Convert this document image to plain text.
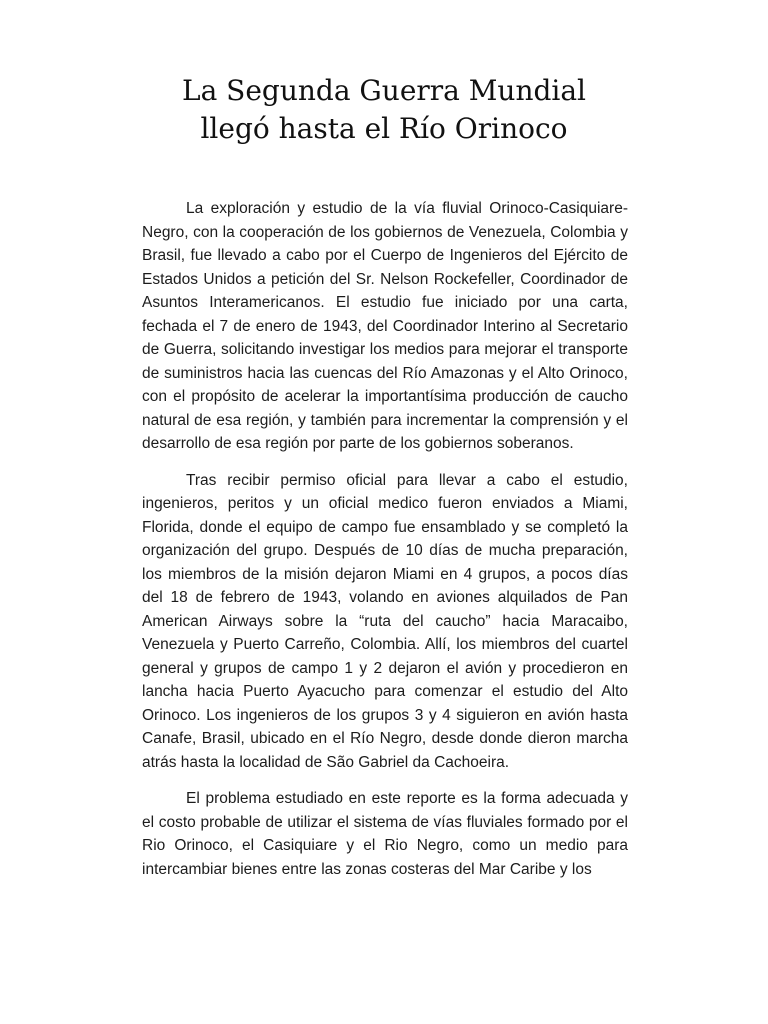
La Segunda Guerra Mundial
llegó hasta el Río Orinoco

La exploración y estudio de la vía fluvial Orinoco-Casiquiare-Negro, con la cooperación de los gobiernos de Venezuela, Colombia y Brasil, fue llevado a cabo por el Cuerpo de Ingenieros del Ejército de Estados Unidos a petición del Sr. Nelson Rockefeller, Coordinador de Asuntos Interamericanos. El estudio fue iniciado por una carta, fechada el 7 de enero de 1943, del Coordinador Interino al Secretario de Guerra, solicitando investigar los medios para mejorar el transporte de suministros hacia las cuencas del Río Amazonas y el Alto Orinoco, con el propósito de acelerar la importantísima producción de caucho natural de esa región, y también para incrementar la comprensión y el desarrollo de esa región por parte de los gobiernos soberanos.

Tras recibir permiso oficial para llevar a cabo el estudio, ingenieros, peritos y un oficial medico fueron enviados a Miami, Florida, donde el equipo de campo fue ensamblado y se completó la organización del grupo. Después de 10 días de mucha preparación, los miembros de la misión dejaron Miami en 4 grupos, a pocos días del 18 de febrero de 1943, volando en aviones alquilados de Pan American Airways sobre la “ruta del caucho” hacia Maracaibo, Venezuela y Puerto Carreño, Colombia. Allí, los miembros del cuartel general y grupos de campo 1 y 2 dejaron el avión y procedieron en lancha hacia Puerto Ayacucho para comenzar el estudio del Alto Orinoco. Los ingenieros de los grupos 3 y 4 siguieron en avión hasta Canafe, Brasil, ubicado en el Río Negro, desde donde dieron marcha atrás hasta la localidad de São Gabriel da Cachoeira.

El problema estudiado en este reporte es la forma adecuada y el costo probable de utilizar el sistema de vías fluviales formado por el Rio Orinoco, el Casiquiare y el Rio Negro, como un medio para intercambiar bienes entre las zonas costeras del Mar Caribe y los
